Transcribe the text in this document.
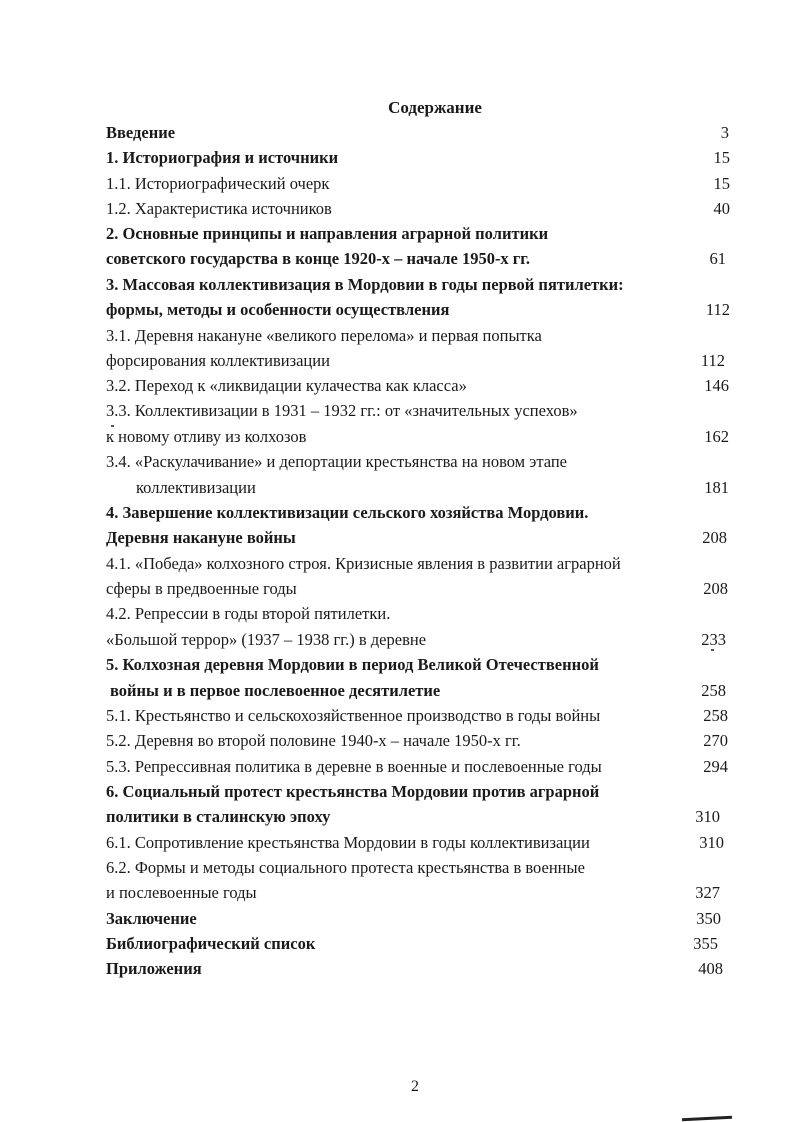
Содержание
Введение	3
1. Историография и источники	15
1.1. Историографический очерк	15
1.2. Характеристика источников	40
2. Основные принципы и направления аграрной политики
советского государства в конце 1920-х – начале 1950-х гг.	61
3. Массовая коллективизация в Мордовии в годы первой пятилетки:
формы, методы и особенности осуществления	112
3.1. Деревня накануне «великого перелома» и первая попытка
форсирования коллективизации	112
3.2. Переход к «ликвидации кулачества как класса»	146
3.3. Коллективизации в 1931 – 1932 гг.: от «значительных успехов»
к новому отливу из колхозов	162
3.4. «Раскулачивание» и депортации крестьянства на новом этапе
коллективизации	181
4. Завершение коллективизации сельского хозяйства Мордовии.
Деревня накануне войны	208
4.1. «Победа» колхозного строя. Кризисные явления в развитии аграрной
сферы в предвоенные годы	208
4.2. Репрессии в годы второй пятилетки.
«Большой террор» (1937 – 1938 гг.) в деревне	233
5. Колхозная деревня Мордовии в период Великой Отечественной
войны и в первое послевоенное десятилетие	258
5.1. Крестьянство и сельскохозяйственное производство в годы войны	258
5.2. Деревня во второй половине 1940-х – начале 1950-х гг.	270
5.3. Репрессивная политика в деревне в военные и послевоенные годы	294
6. Социальный протест крестьянства Мордовии против аграрной
политики в сталинскую эпоху	310
6.1. Сопротивление крестьянства Мордовии в годы коллективизации	310
6.2. Формы и методы социального протеста крестьянства в военные
и послевоенные годы	327
Заключение	350
Библиографический список	355
Приложения	408
2
